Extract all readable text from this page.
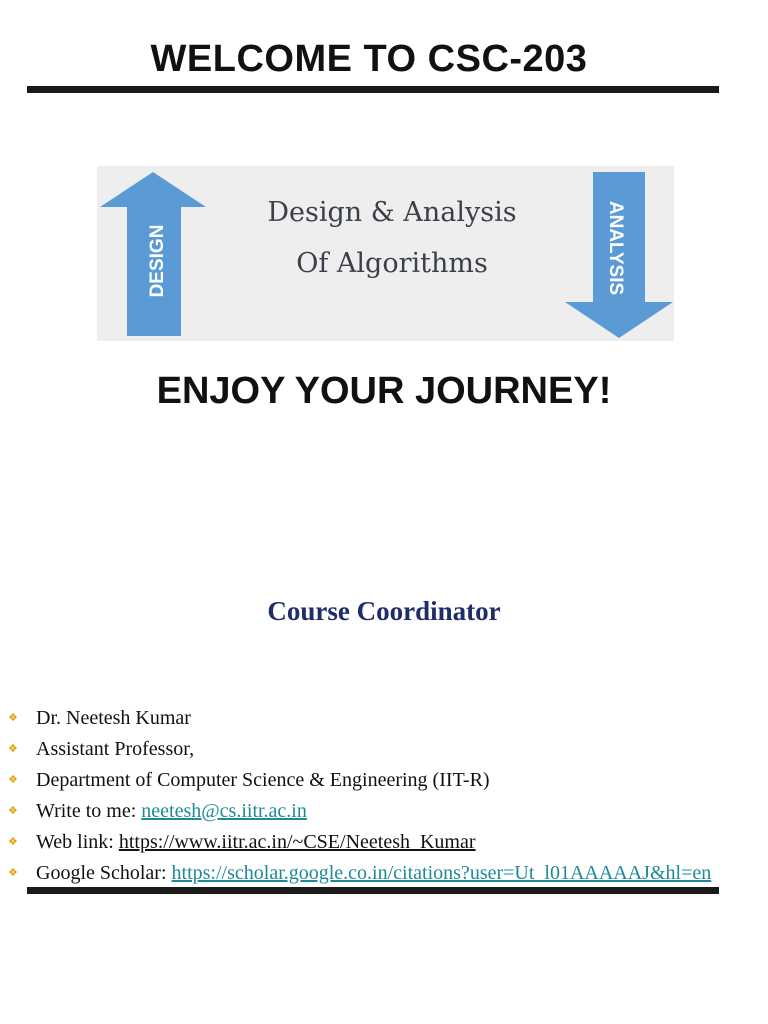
WELCOME TO CSC-203
DESIGN	ANALYSIS

Design & Analysis

Of Algorithms

ENJOY YOUR JOURNEY!
Course Coordinator
❖ Dr. Neetesh Kumar
❖ Assistant Professor,
❖ Department of Computer Science & Engineering (IIT-R)
❖ Write to me: neetesh@cs.iitr.ac.in
❖ Web link: https://www.iitr.ac.in/~CSE/Neetesh_Kumar
❖ Google Scholar: https://scholar.google.co.in/citations?user=Ut_l01AAAAAJ&hl=en
